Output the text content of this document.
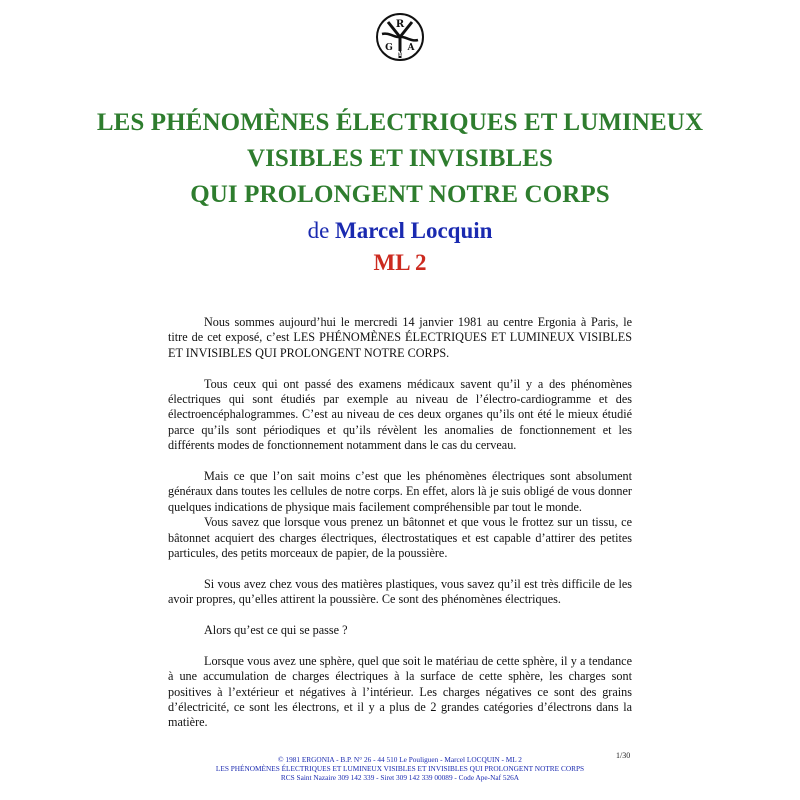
R
G A
Y
LES PHÉNOMÈNES ÉLECTRIQUES ET LUMINEUX
VISIBLES ET INVISIBLES
QUI PROLONGENT NOTRE CORPS
de Marcel Locquin
ML 2

Nous sommes aujourd’hui le mercredi 14 janvier 1981 au centre Ergonia à Paris, le titre de cet exposé, c’est LES PHÉNOMÈNES ÉLECTRIQUES ET LUMINEUX VISIBLES ET INVISIBLES QUI PROLONGENT NOTRE CORPS.

Tous ceux qui ont passé des examens médicaux savent qu’il y a des phénomènes électriques qui sont étudiés par exemple au niveau de l’électro-cardiogramme et des électroencéphalogrammes. C’est au niveau de ces deux organes qu’ils ont été le mieux étudié parce qu’ils sont périodiques et qu’ils révèlent les anomalies de fonctionnement et les différents modes de fonctionnement notamment dans le cas du cerveau.

Mais ce que l’on sait moins c’est que les phénomènes électriques sont absolument généraux dans toutes les cellules de notre corps. En effet, alors là je suis obligé de vous donner quelques indications de physique mais facilement compréhensible par tout le monde.

Vous savez que lorsque vous prenez un bâtonnet et que vous le frottez sur un tissu, ce bâtonnet acquiert des charges électriques, électrostatiques et est capable d’attirer des petites particules, des petits morceaux de papier, de la poussière.

Si vous avez chez vous des matières plastiques, vous savez qu’il est très difficile de les avoir propres, qu’elles attirent la poussière. Ce sont des phénomènes électriques.

Alors qu’est ce qui se passe ?

Lorsque vous avez une sphère, quel que soit le matériau de cette sphère, il y a tendance à une accumulation de charges électriques à la surface de cette sphère, les charges sont positives à l’extérieur et négatives à l’intérieur. Les charges négatives ce sont des grains d’électricité, ce sont les électrons, et il y a plus de 2 grandes catégories d’électrons dans la matière.

1/30
© 1981 ERGONIA - B.P. N° 26 - 44 510 Le Pouliguen - Marcel LOCQUIN - ML 2
LES PHÉNOMÈNES ÉLECTRIQUES ET LUMINEUX VISIBLES ET INVISIBLES QUI PROLONGENT NOTRE CORPS
RCS Saint Nazaire 309 142 339 - Siret 309 142 339 00089 - Code Ape-Naf 526A
